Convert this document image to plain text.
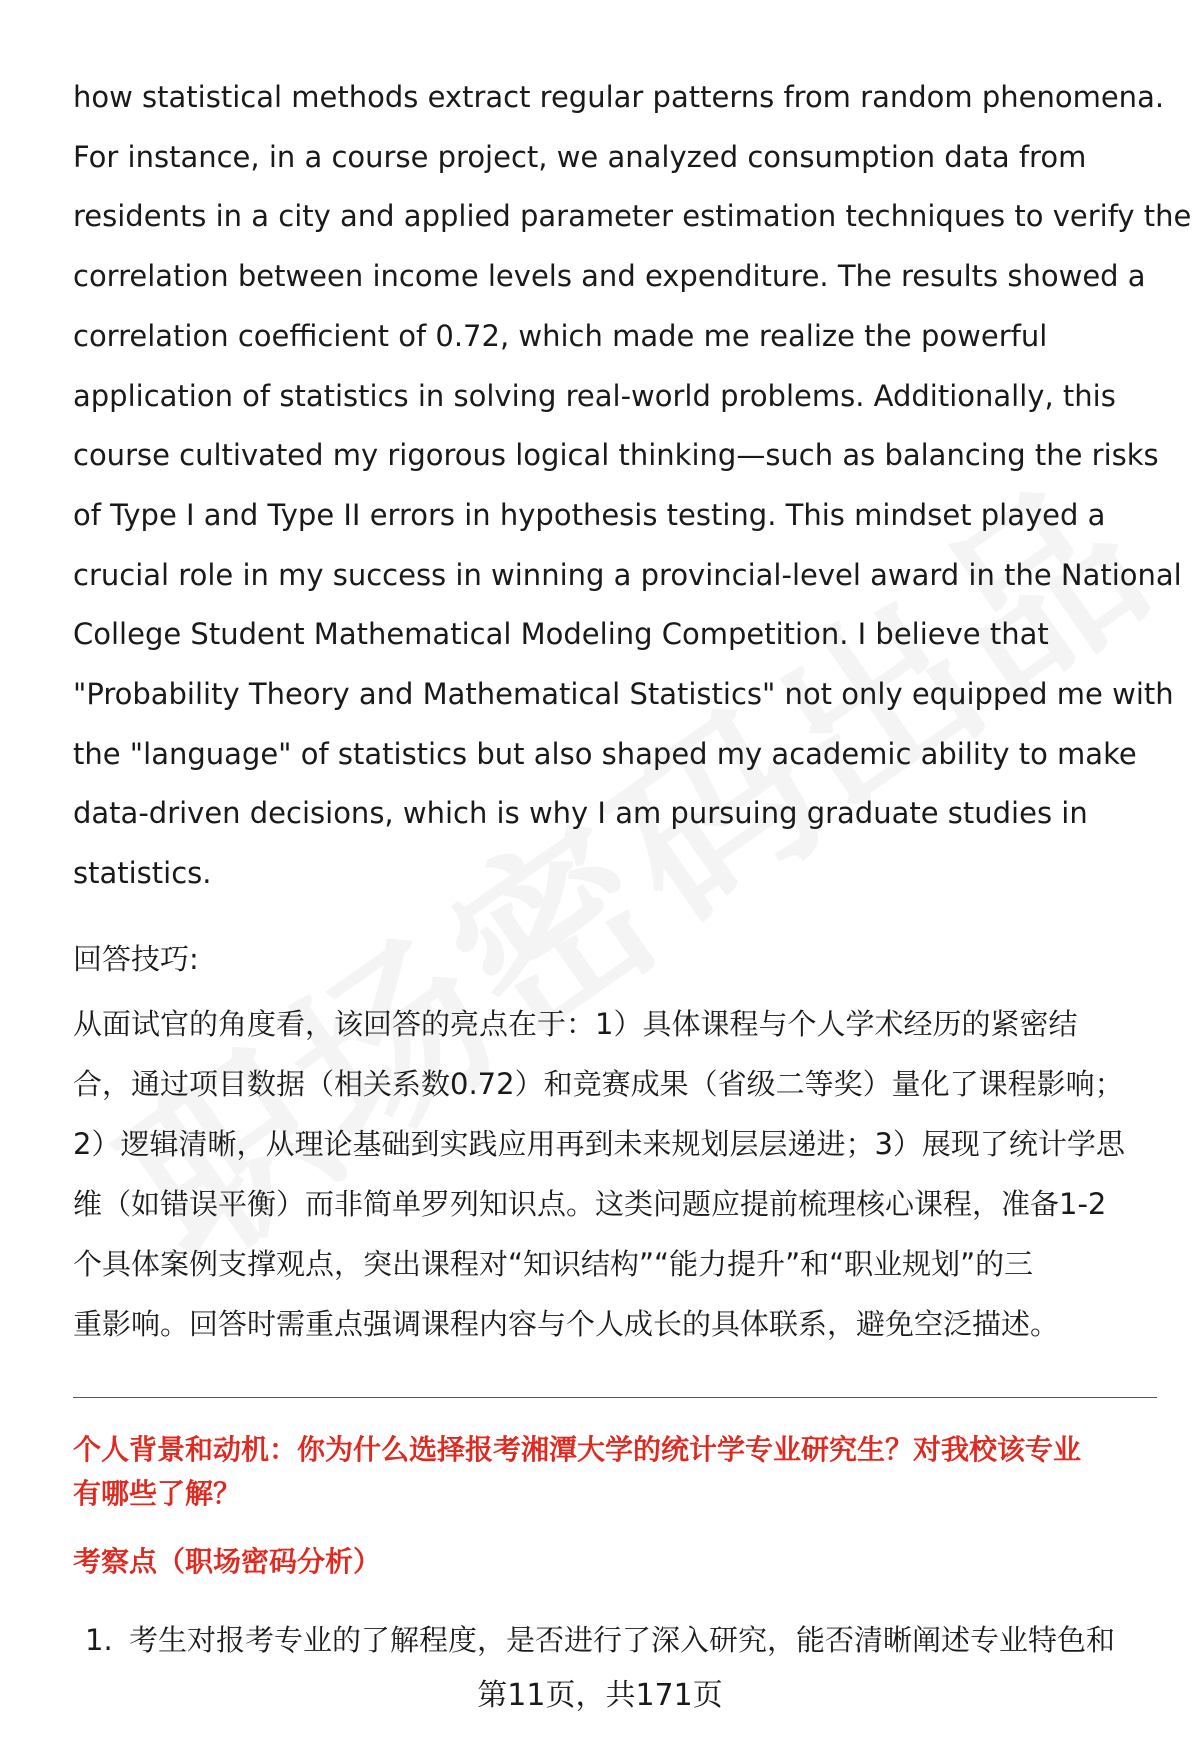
how statistical methods extract regular patterns from random phenomena.
For instance, in a course project, we analyzed consumption data from
residents in a city and applied parameter estimation techniques to verify the
correlation between income levels and expenditure. The results showed a
correlation coefficient of 0.72, which made me realize the powerful
application of statistics in solving real-world problems. Additionally, this
course cultivated my rigorous logical thinking—such as balancing the risks
of Type I and Type II errors in hypothesis testing. This mindset played a
crucial role in my success in winning a provincial-level award in the National
College Student Mathematical Modeling Competition. I believe that
"Probability Theory and Mathematical Statistics" not only equipped me with
the "language" of statistics but also shaped my academic ability to make
data-driven decisions, which is why I am pursuing graduate studies in
statistics.

回答技巧:

从面试官的角度看，该回答的亮点在于：1）具体课程与个人学术经历的紧密结
合，通过项目数据（相关系数0.72）和竞赛成果（省级二等奖）量化了课程影响；
2）逻辑清晰，从理论基础到实践应用再到未来规划层层递进；3）展现了统计学思
维（如错误平衡）而非简单罗列知识点。这类问题应提前梳理核心课程，准备1-2
个具体案例支撑观点，突出课程对“知识结构”“能力提升”和“职业规划”的三
重影响。回答时需重点强调课程内容与个人成长的具体联系，避免空泛描述。
个人背景和动机：你为什么选择报考湘潭大学的统计学专业研究生？对我校该专业
有哪些了解？

考察点（职场密码分析）

1. 考生对报考专业的了解程度，是否进行了深入研究，能否清晰阐述专业特色和

第11页，共171页
